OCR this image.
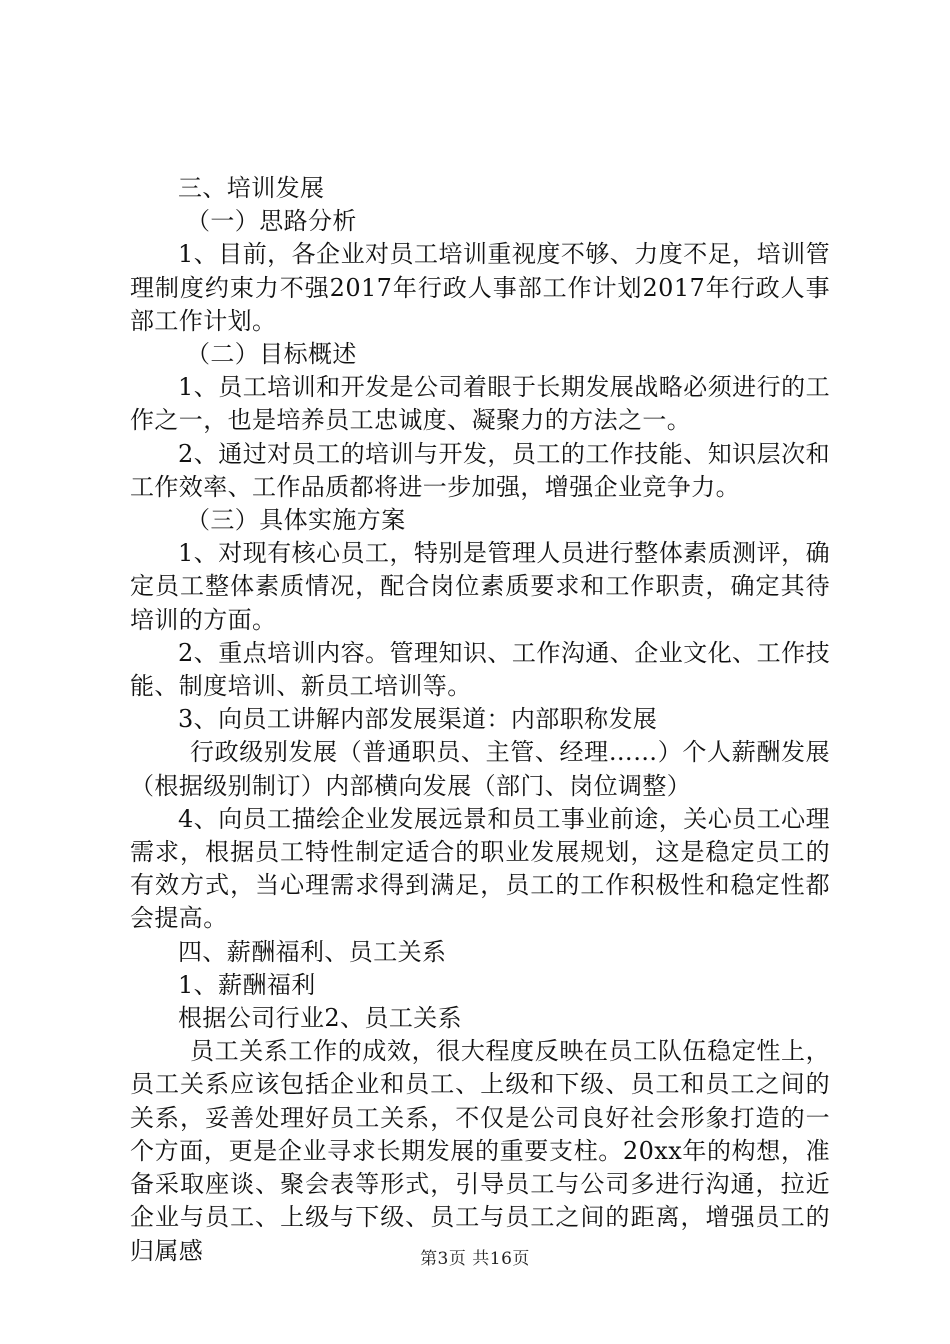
三、培训发展

（一）思路分析

1、目前，各企业对员工培训重视度不够、力度不足，培训管理制度约束力不强2017年行政人事部工作计划2017年行政人事部工作计划。

（二）目标概述

1、员工培训和开发是公司着眼于长期发展战略必须进行的工作之一，也是培养员工忠诚度、凝聚力的方法之一。

2、通过对员工的培训与开发，员工的工作技能、知识层次和工作效率、工作品质都将进一步加强，增强企业竞争力。

（三）具体实施方案

1、对现有核心员工，特别是管理人员进行整体素质测评，确定员工整体素质情况，配合岗位素质要求和工作职责，确定其待培训的方面。

2、重点培训内容。管理知识、工作沟通、企业文化、工作技能、制度培训、新员工培训等。

3、向员工讲解内部发展渠道：内部职称发展

行政级别发展（普通职员、主管、经理……）个人薪酬发展（根据级别制订）内部横向发展（部门、岗位调整）

4、向员工描绘企业发展远景和员工事业前途，关心员工心理需求，根据员工特性制定适合的职业发展规划，这是稳定员工的有效方式，当心理需求得到满足，员工的工作积极性和稳定性都会提高。

四、薪酬福利、员工关系

1、薪酬福利

根据公司行业2、员工关系

员工关系工作的成效，很大程度反映在员工队伍稳定性上，员工关系应该包括企业和员工、上级和下级、员工和员工之间的关系，妥善处理好员工关系，不仅是公司良好社会形象打造的一个方面，更是企业寻求长期发展的重要支柱。20xx年的构想，准备采取座谈、聚会表等形式，引导员工与公司多进行沟通，拉近企业与员工、上级与下级、员工与员工之间的距离，增强员工的归属感	第3页 共16页
